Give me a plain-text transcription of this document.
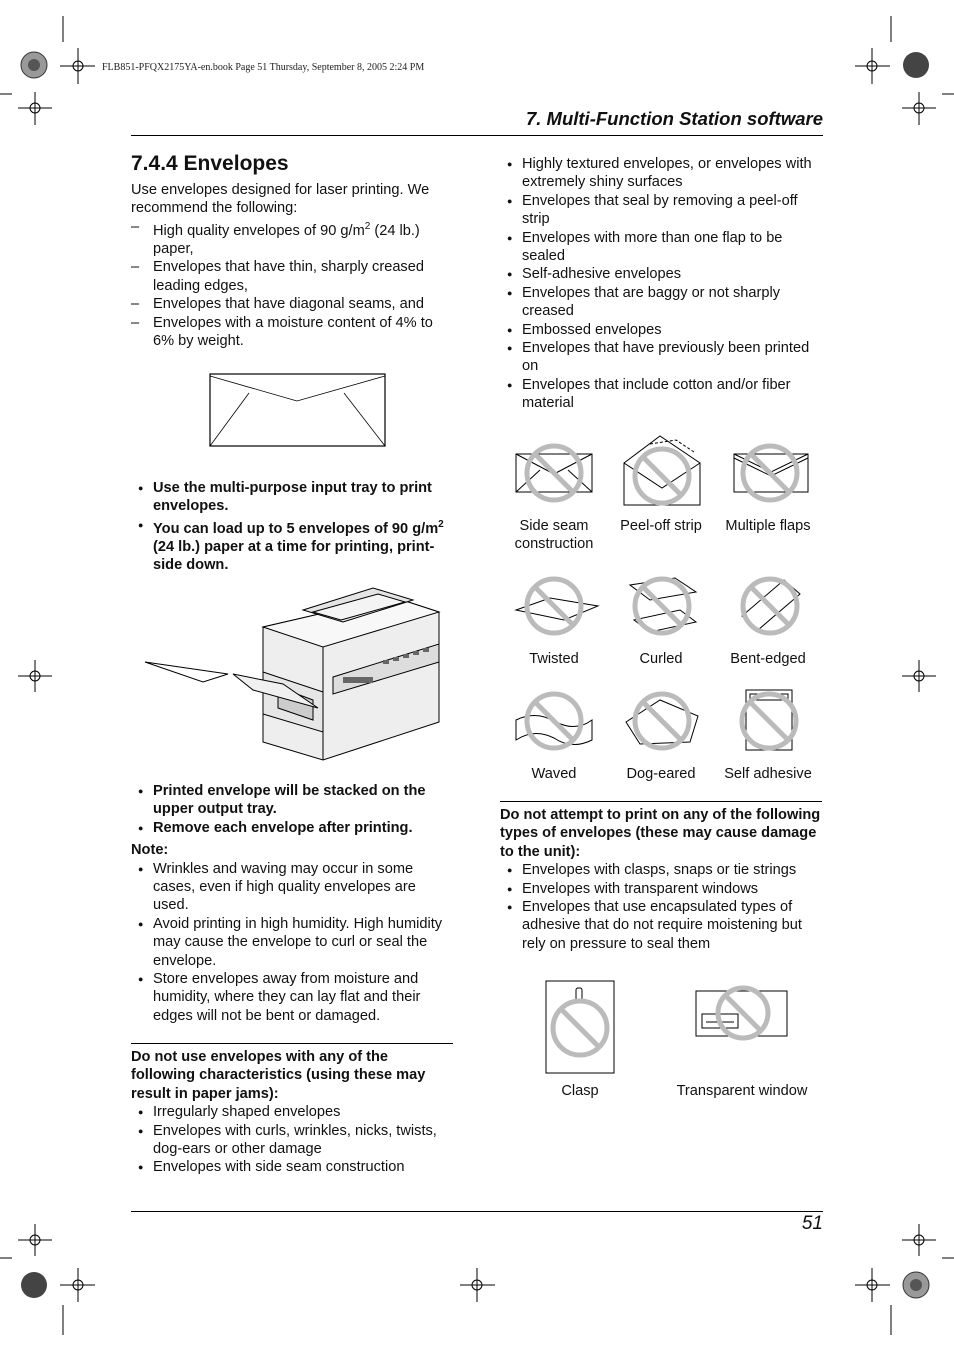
FLB851-PFQX2175YA-en.book Page 51 Thursday, September 8, 2005 2:24 PM
7. Multi-Function Station software
7.4.4 Envelopes

Use envelopes designed for laser printing. We recommend the following:

– High quality envelopes of 90 $g/m^2$ (24 lb.) paper,
– Envelopes that have thin, sharply creased leading edges,
– Envelopes that have diagonal seams, and
– Envelopes with a moisture content of 4% to 6% by weight.
● Use the multi-purpose input tray to print envelopes.
● You can load up to 5 envelopes of 90 $g/m^2$ (24 lb.) paper at a time for printing, print-side down.
● Printed envelope will be stacked on the upper output tray.
● Remove each envelope after printing.

Note:

● Wrinkles and waving may occur in some cases, even if high quality envelopes are used.
● Avoid printing in high humidity. High humidity may cause the envelope to curl or seal the envelope.
● Store envelopes away from moisture and humidity, where they can lay flat and their edges will not be bent or damaged.

Do not use envelopes with any of the following characteristics (using these may result in paper jams):

● Irregularly shaped envelopes
● Envelopes with curls, wrinkles, nicks, twists, dog-ears or other damage
● Envelopes with side seam construction
● Highly textured envelopes, or envelopes with extremely shiny surfaces
● Envelopes that seal by removing a peel-off strip
● Envelopes with more than one flap to be sealed
● Self-adhesive envelopes
● Envelopes that are baggy or not sharply creased
● Embossed envelopes
● Envelopes that have previously been printed on
● Envelopes that include cotton and/or fiber material
Side seam construction
Peel-off strip	Multiple flaps
Twisted	Curled	Bent-edged
Waved	Dog-eared	Self adhesive

Do not attempt to print on any of the following types of envelopes (these may cause damage to the unit):

● Envelopes with clasps, snaps or tie strings
● Envelopes with transparent windows
● Envelopes that use encapsulated types of adhesive that do not require moistening but rely on pressure to seal them
Clasp	Transparent window
51
